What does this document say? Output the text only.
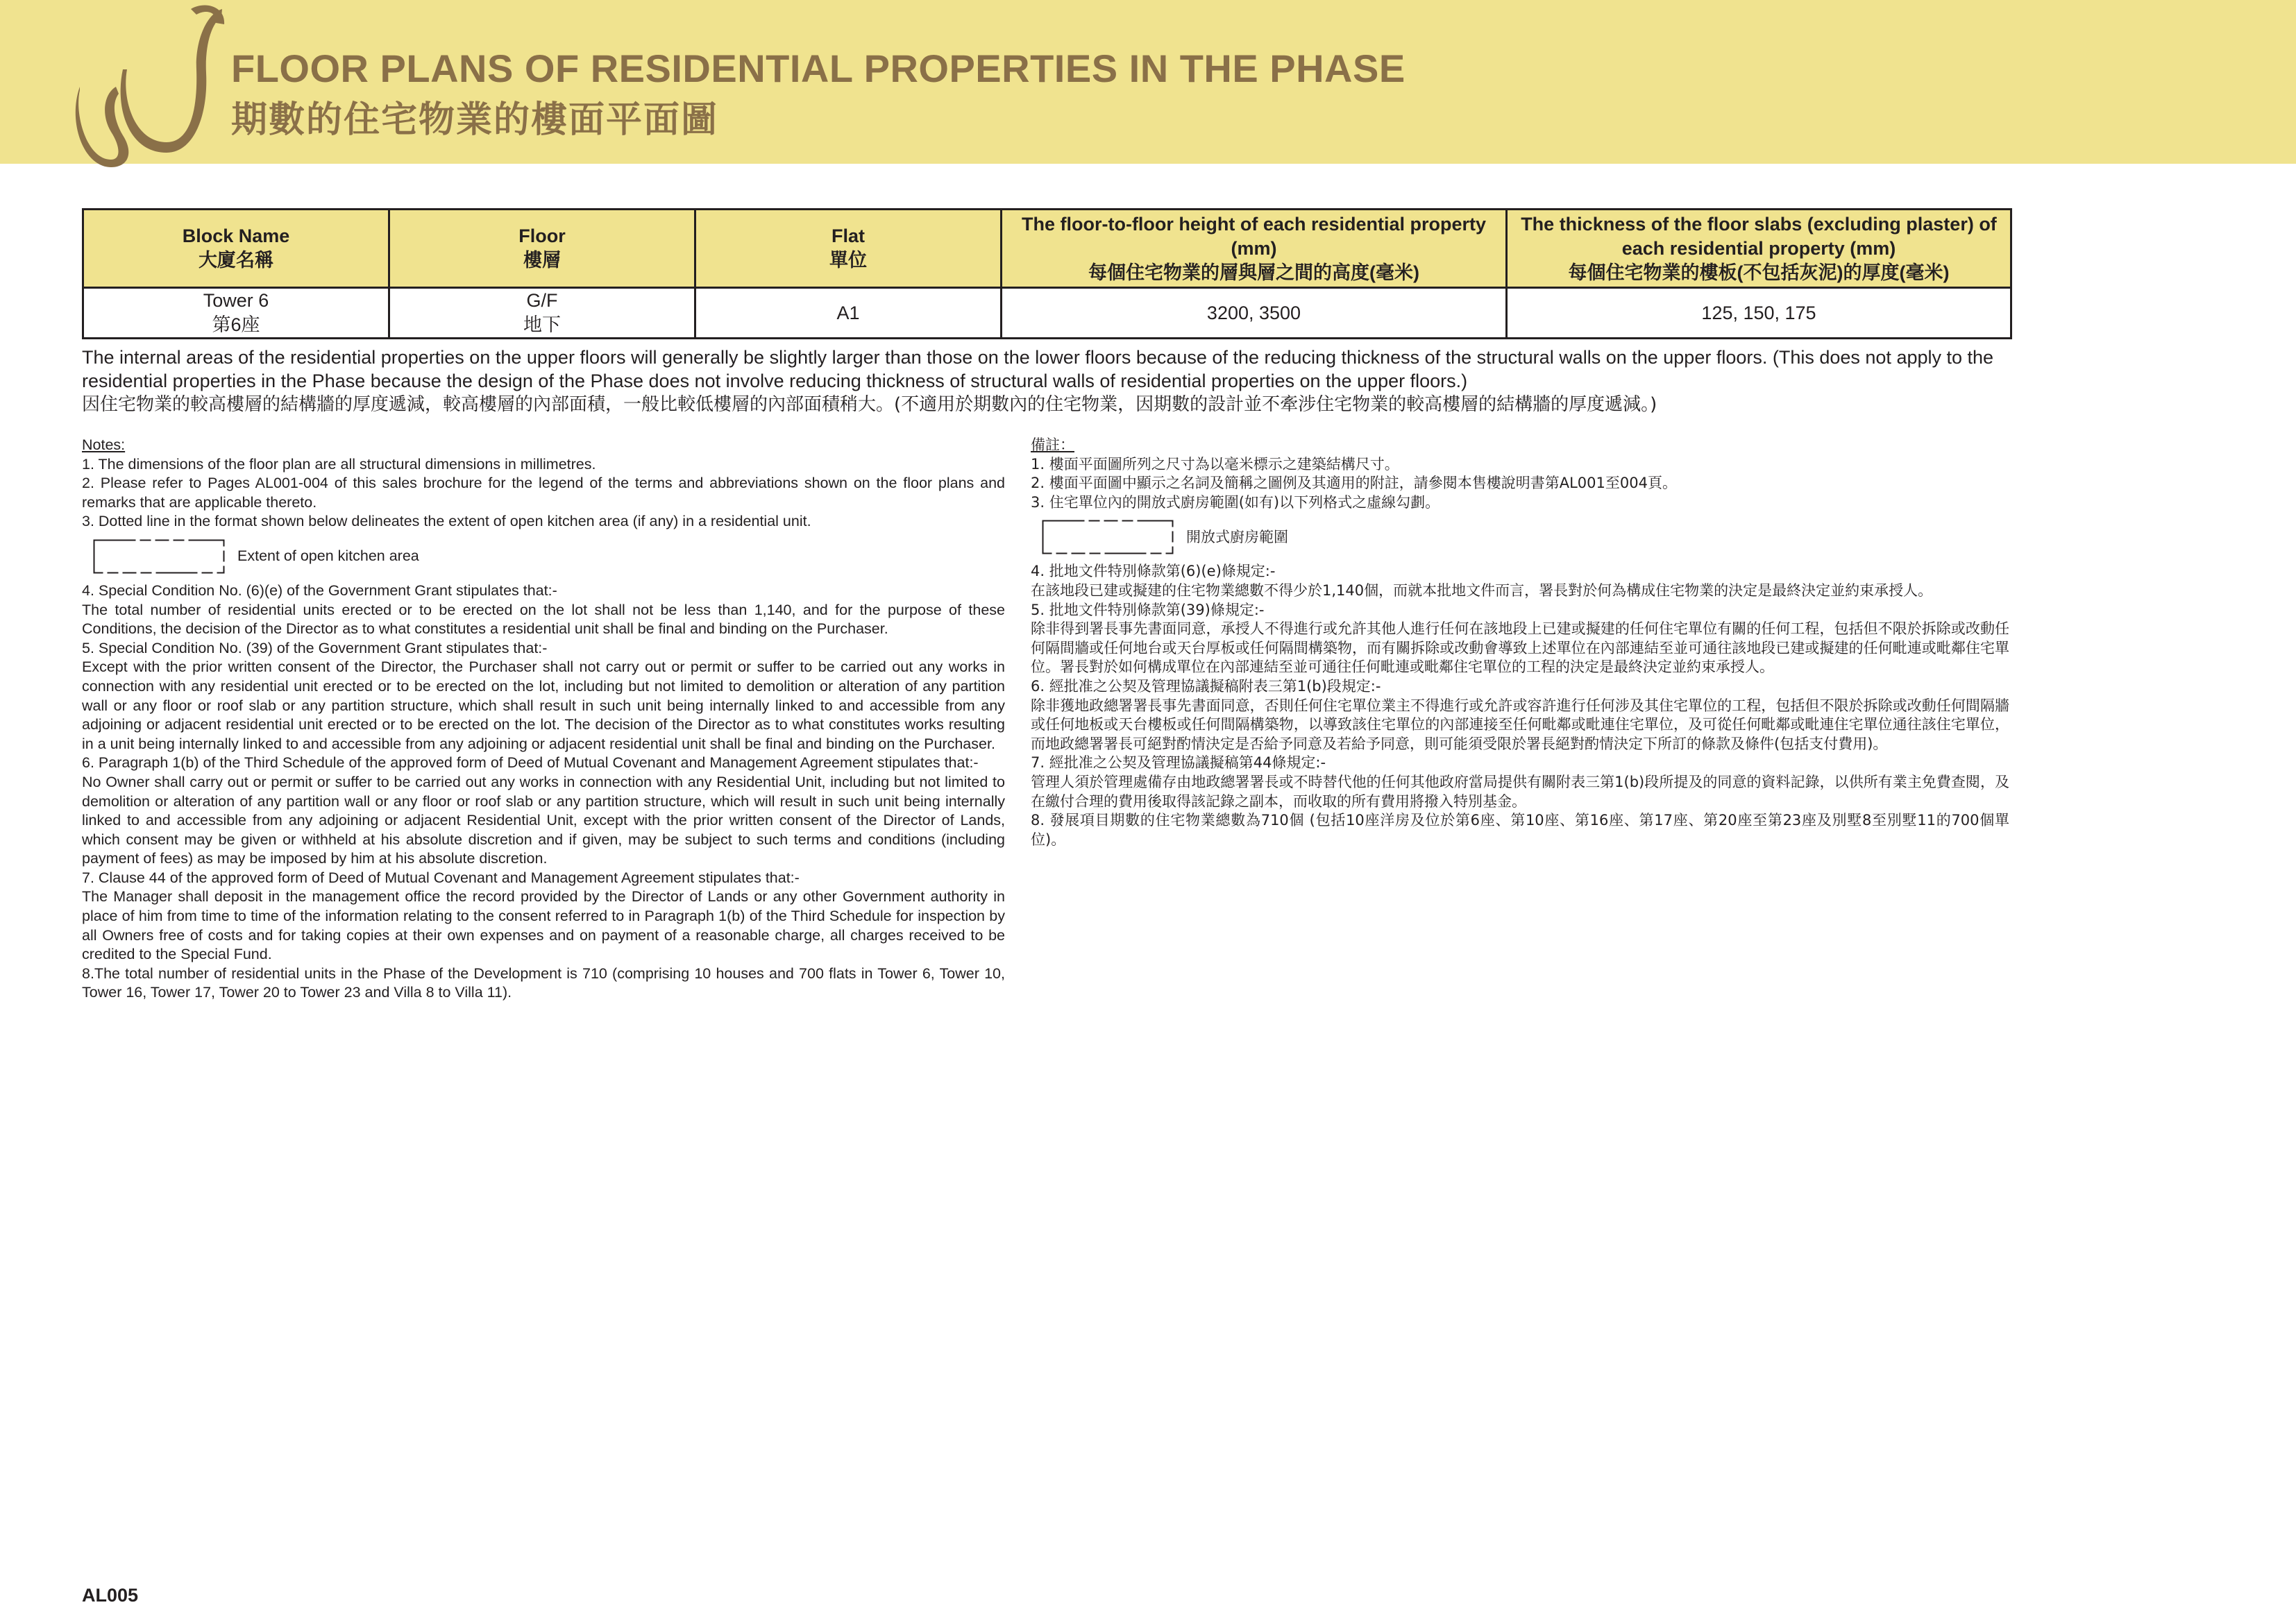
FLOOR PLANS OF RESIDENTIAL PROPERTIES IN THE PHASE
期數的住宅物業的樓面平面圖
Block Name
大廈名稱	Floor
樓層	Flat
單位	The floor-to-floor height of each residential property
(mm)
每個住宅物業的層與層之間的高度(毫米)	The thickness of the floor slabs (excluding plaster) of
each residential property (mm)
每個住宅物業的樓板(不包括灰泥)的厚度(毫米)

Tower 6
第6座	G/F
地下	A1	3200, 3500	125, 150, 175
The internal areas of the residential properties on the upper floors will generally be slightly larger than those on the lower floors because of the reducing thickness of the structural walls on the upper floors. (This does not apply to the residential properties in the Phase because the design of the Phase does not involve reducing thickness of structural walls of residential properties on the upper floors.)
因住宅物業的較高樓層的結構牆的厚度遞減，較高樓層的內部面積，一般比較低樓層的內部面積稍大。(不適用於期數內的住宅物業，因期數的設計並不牽涉住宅物業的較高樓層的結構牆的厚度遞減。)

Notes:

1. The dimensions of the floor plan are all structural dimensions in millimetres.

2. Please refer to Pages AL001-004 of this sales brochure for the legend of the terms and abbreviations shown on the floor plans and remarks that are applicable thereto.

3. Dotted line in the format shown below delineates the extent of open kitchen area (if any) in a residential unit.

Extent of open kitchen area

4. Special Condition No. (6)(e) of the Government Grant stipulates that:-

The total number of residential units erected or to be erected on the lot shall not be less than 1,140, and for the purpose of these Conditions, the decision of the Director as to what constitutes a residential unit shall be final and binding on the Purchaser.

5. Special Condition No. (39) of the Government Grant stipulates that:-

Except with the prior written consent of the Director, the Purchaser shall not carry out or permit or suffer to be carried out any works in connection with any residential unit erected or to be erected on the lot, including but not limited to demolition or alteration of any partition wall or any floor or roof slab or any partition structure, which shall result in such unit being internally linked to and accessible from any adjoining or adjacent residential unit erected or to be erected on the lot. The decision of the Director as to what constitutes works resulting in a unit being internally linked to and accessible from any adjoining or adjacent residential unit shall be final and binding on the Purchaser.

6. Paragraph 1(b) of the Third Schedule of the approved form of Deed of Mutual Covenant and Management Agreement stipulates that:-

No Owner shall carry out or permit or suffer to be carried out any works in connection with any Residential Unit, including but not limited to demolition or alteration of any partition wall or any floor or roof slab or any partition structure, which will result in such unit being internally linked to and accessible from any adjoining or adjacent Residential Unit, except with the prior written consent of the Director of Lands, which consent may be given or withheld at his absolute discretion and if given, may be subject to such terms and conditions (including payment of fees) as may be imposed by him at his absolute discretion.

7. Clause 44 of the approved form of Deed of Mutual Covenant and Management Agreement stipulates that:-

The Manager shall deposit in the management office the record provided by the Director of Lands or any other Government authority in place of him from time to time of the information relating to the consent referred to in Paragraph 1(b) of the Third Schedule for inspection by all Owners free of costs and for taking copies at their own expenses and on payment of a reasonable charge, all charges received to be credited to the Special Fund.

8.The total number of residential units in the Phase of the Development is 710 (comprising 10 houses and 700 flats in Tower 6, Tower 10, Tower 16, Tower 17, Tower 20 to Tower 23 and Villa 8 to Villa 11).

備註：

1. 樓面平面圖所列之尺寸為以毫米標示之建築結構尺寸。

2. 樓面平面圖中顯示之名詞及簡稱之圖例及其適用的附註，請參閱本售樓說明書第AL001至004頁。

3. 住宅單位內的開放式廚房範圍(如有)以下列格式之虛線勾劃。

開放式廚房範圍

4. 批地文件特別條款第(6)(e)條規定:-

在該地段已建或擬建的住宅物業總數不得少於1,140個，而就本批地文件而言，署長對於何為構成住宅物業的決定是最終決定並約束承授人。

5. 批地文件特別條款第(39)條規定:-

除非得到署長事先書面同意，承授人不得進行或允許其他人進行任何在該地段上已建或擬建的任何住宅單位有關的任何工程，包括但不限於拆除或改動任何隔間牆或任何地台或天台厚板或任何隔間構築物，而有關拆除或改動會導致上述單位在內部連結至並可通往該地段已建或擬建的任何毗連或毗鄰住宅單位。署長對於如何構成單位在內部連結至並可通往任何毗連或毗鄰住宅單位的工程的決定是最終決定並約束承授人。

6. 經批准之公契及管理協議擬稿附表三第1(b)段規定:-

除非獲地政總署署長事先書面同意，否則任何住宅單位業主不得進行或允許或容許進行任何涉及其住宅單位的工程，包括但不限於拆除或改動任何間隔牆或任何地板或天台樓板或任何間隔構築物，以導致該住宅單位的內部連接至任何毗鄰或毗連住宅單位，及可從任何毗鄰或毗連住宅單位通往該住宅單位，而地政總署署長可絕對酌情決定是否給予同意及若給予同意，則可能須受限於署長絕對酌情決定下所訂的條款及條件(包括支付費用)。

7. 經批准之公契及管理協議擬稿第44條規定:-

管理人須於管理處備存由地政總署署長或不時替代他的任何其他政府當局提供有關附表三第1(b)段所提及的同意的資料記錄，以供所有業主免費查閱，及在繳付合理的費用後取得該記錄之副本，而收取的所有費用將撥入特別基金。

8. 發展項目期數的住宅物業總數為710個 (包括10座洋房及位於第6座、第10座、第16座、第17座、第20座至第23座及別墅8至別墅11的700個單位)。

AL005
